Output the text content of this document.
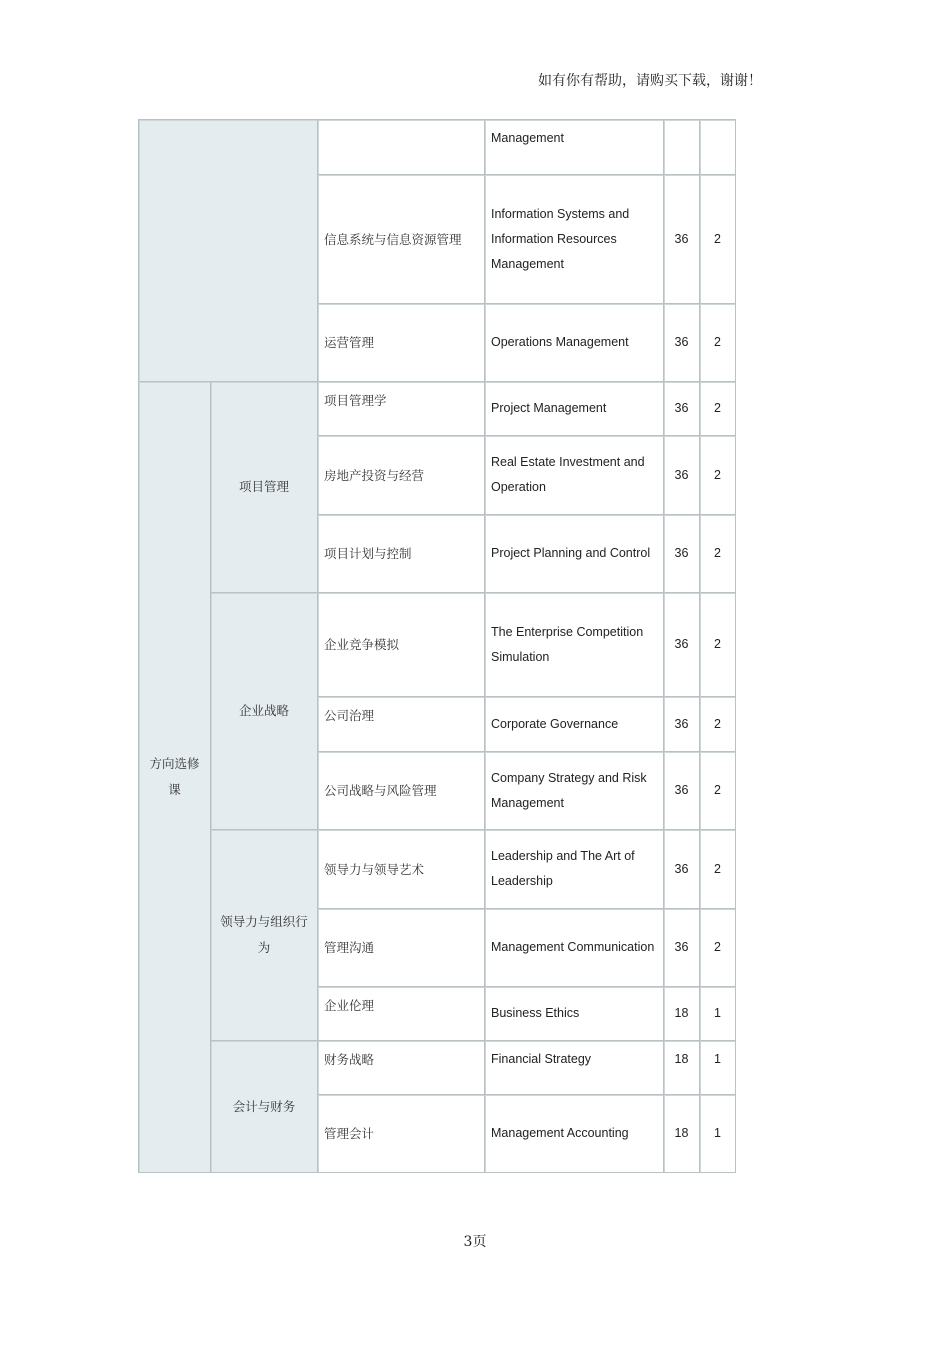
如有你有帮助，请购买下载，谢谢！
			Management		
		信息系统与信息资源管理	Information Systems and Information Resources Management	36	2
		运营管理	Operations Management	36	2
方向选修课	项目管理	项目管理学	Project Management	36	2
		房地产投资与经营	Real Estate Investment and Operation	36	2
		项目计划与控制	Project Planning and Control	36	2
	企业战略	企业竞争模拟	The Enterprise Competition Simulation	36	2
		公司治理	Corporate Governance	36	2
		公司战略与风险管理	Company Strategy and Risk Management	36	2
	领导力与组织行为	领导力与领导艺术	Leadership and The Art of Leadership	36	2
		管理沟通	Management Communication	36	2
		企业伦理	Business Ethics	18	1
	会计与财务	财务战略	Financial Strategy	18	1
		管理会计	Management Accounting	18	1
3页
